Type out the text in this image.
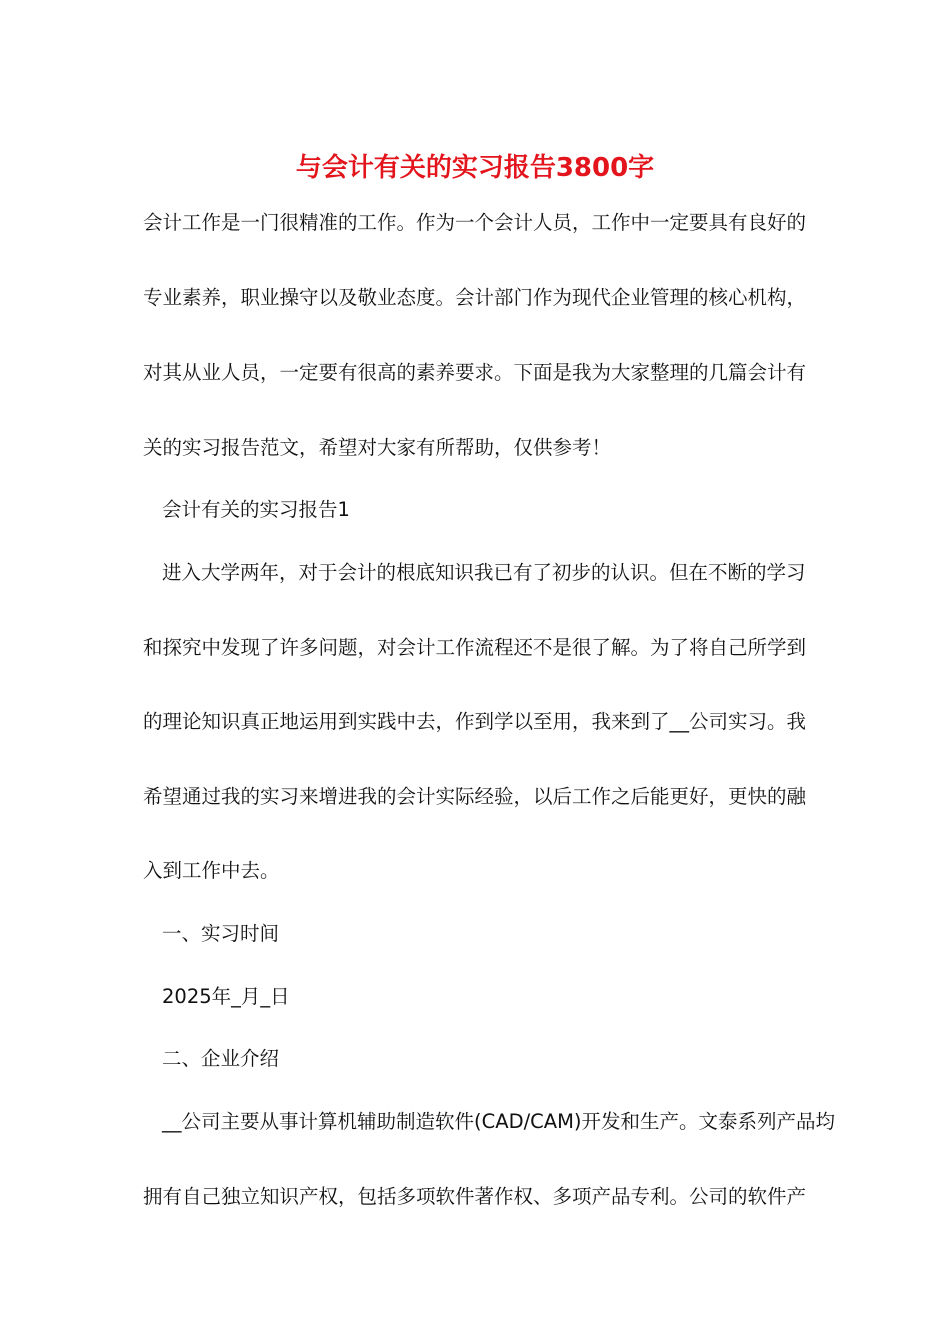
与会计有关的实习报告3800字
会计工作是一门很精准的工作。作为一个会计人员，工作中一定要具有良好的
专业素养，职业操守以及敬业态度。会计部门作为现代企业管理的核心机构，
对其从业人员，一定要有很高的素养要求。下面是我为大家整理的几篇会计有
关的实习报告范文，希望对大家有所帮助，仅供参考！
会计有关的实习报告1
进入大学两年，对于会计的根底知识我已有了初步的认识。但在不断的学习
和探究中发现了许多问题，对会计工作流程还不是很了解。为了将自己所学到
的理论知识真正地运用到实践中去，作到学以至用，我来到了__公司实习。我
希望通过我的实习来增进我的会计实际经验，以后工作之后能更好，更快的融
入到工作中去。
一、实习时间
2025年_月_日
二、企业介绍
__公司主要从事计算机辅助制造软件(CAD/CAM)开发和生产。文泰系列产品均
拥有自己独立知识产权，包括多项软件著作权、多项产品专利。公司的软件产
